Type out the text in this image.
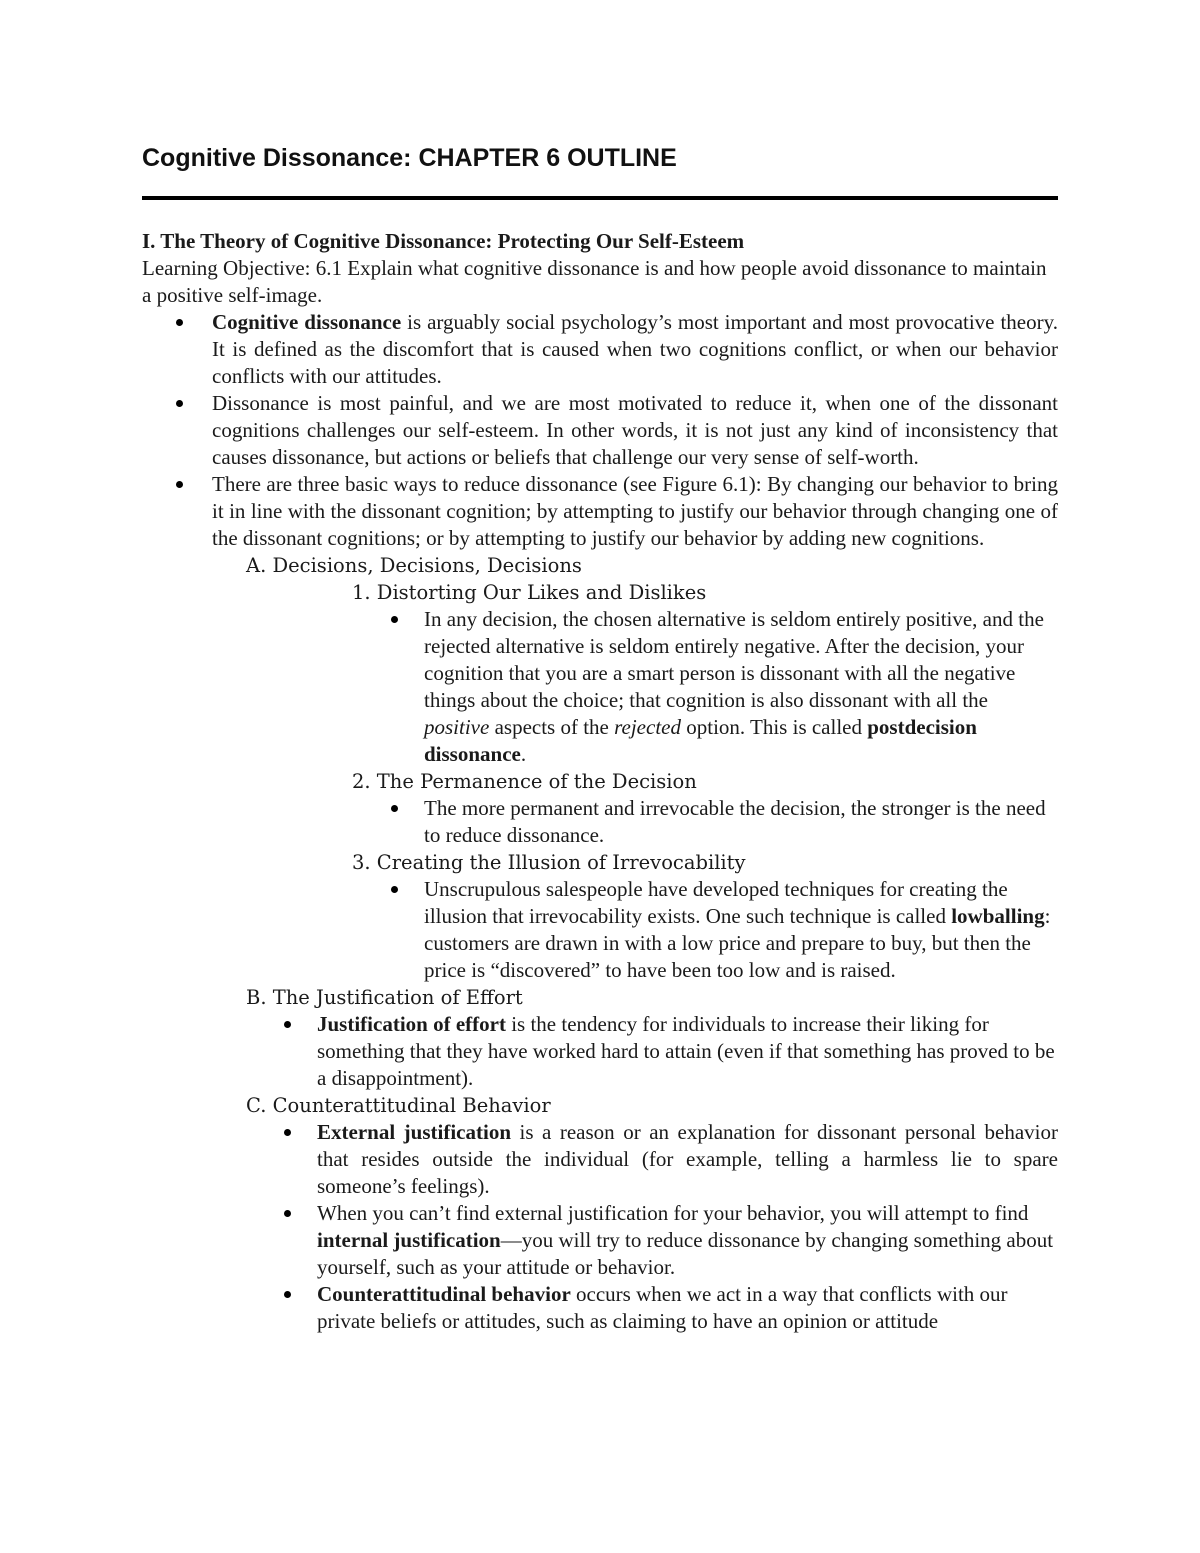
Cognitive Dissonance: CHAPTER 6 OUTLINE

I. The Theory of Cognitive Dissonance: Protecting Our Self-Esteem

Learning Objective: 6.1 Explain what cognitive dissonance is and how people avoid dissonance to maintain a positive self-image.

Cognitive dissonance is arguably social psychology’s most important and most provocative theory. It is defined as the discomfort that is caused when two cognitions conflict, or when our behavior conflicts with our attitudes.
Dissonance is most painful, and we are most motivated to reduce it, when one of the dissonant cognitions challenges our self-esteem. In other words, it is not just any kind of inconsistency that causes dissonance, but actions or beliefs that challenge our very sense of self-worth.
There are three basic ways to reduce dissonance (see Figure 6.1): By changing our behavior to bring it in line with the dissonant cognition; by attempting to justify our behavior through changing one of the dissonant cognitions; or by attempting to justify our behavior by adding new cognitions.

A. Decisions, Decisions, Decisions

1. Distorting Our Likes and Dislikes

In any decision, the chosen alternative is seldom entirely positive, and the rejected alternative is seldom entirely negative. After the decision, your cognition that you are a smart person is dissonant with all the negative things about the choice; that cognition is also dissonant with all the positive aspects of the rejected option. This is called postdecision dissonance.

2. The Permanence of the Decision

The more permanent and irrevocable the decision, the stronger is the need to reduce dissonance.

3. Creating the Illusion of Irrevocability

Unscrupulous salespeople have developed techniques for creating the illusion that irrevocability exists. One such technique is called lowballing: customers are drawn in with a low price and prepare to buy, but then the price is “discovered” to have been too low and is raised.

B. The Justification of Effort

Justification of effort is the tendency for individuals to increase their liking for something that they have worked hard to attain (even if that something has proved to be a disappointment).

C. Counterattitudinal Behavior

External justification is a reason or an explanation for dissonant personal behavior that resides outside the individual (for example, telling a harmless lie to spare someone’s feelings).
When you can’t find external justification for your behavior, you will attempt to find internal justification—you will try to reduce dissonance by changing something about yourself, such as your attitude or behavior.
Counterattitudinal behavior occurs when we act in a way that conflicts with our private beliefs or attitudes, such as claiming to have an opinion or attitude
